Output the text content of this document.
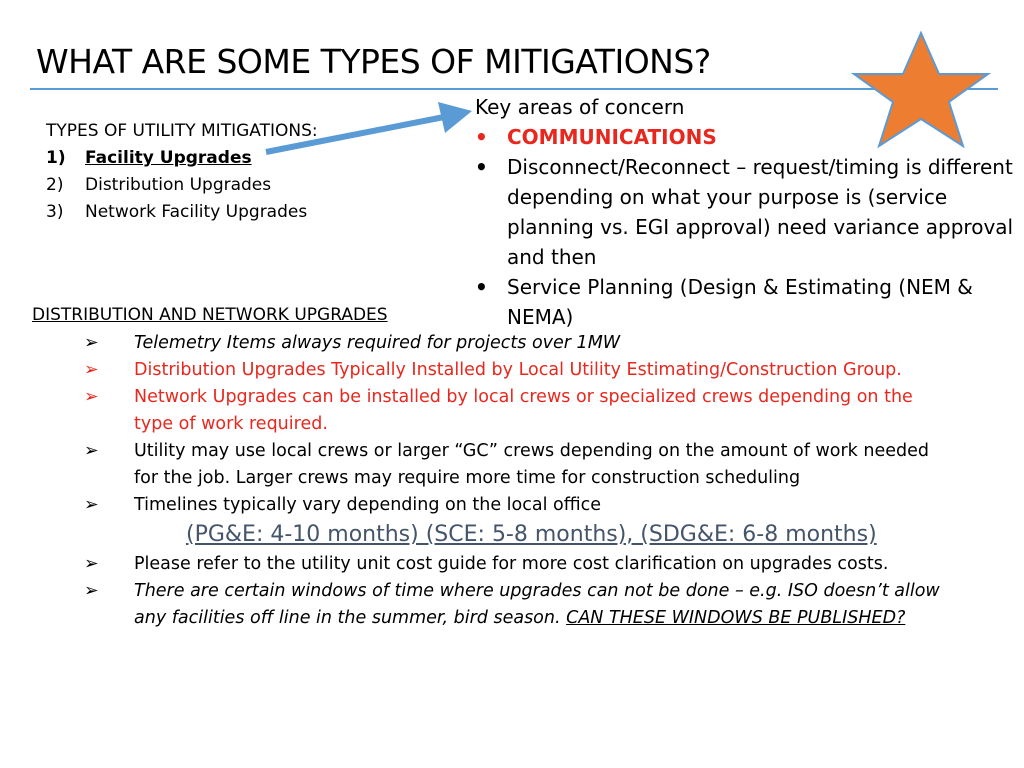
WHAT ARE SOME TYPES OF MITIGATIONS?
TYPES OF UTILITY MITIGATIONS:
1)	Facility Upgrades
2)	Distribution Upgrades
3)	Network Facility Upgrades
Key areas of concern
• COMMUNICATIONS
• Disconnect/Reconnect – request/timing is different depending on what your purpose is (service planning vs. EGI approval) need variance approval and then
• Service Planning (Design & Estimating (NEM & NEMA)
DISTRIBUTION AND NETWORK UPGRADES
➢	Telemetry Items always required for projects over 1MW
➢	Distribution Upgrades Typically Installed by Local Utility Estimating/Construction Group.
➢	Network Upgrades can be installed by local crews or specialized crews depending on the type of work required.
➢	Utility may use local crews or larger “GC” crews depending on the amount of work needed for the job. Larger crews may require more time for construction scheduling
➢	Timelines typically vary depending on the local office
(PG&E: 4-10 months) (SCE: 5-8 months), (SDG&E: 6-8 months)
➢	Please refer to the utility unit cost guide for more cost clarification on upgrades costs.
➢	There are certain windows of time where upgrades can not be done – e.g. ISO doesn’t allow any facilities off line in the summer, bird season. CAN THESE WINDOWS BE PUBLISHED?
